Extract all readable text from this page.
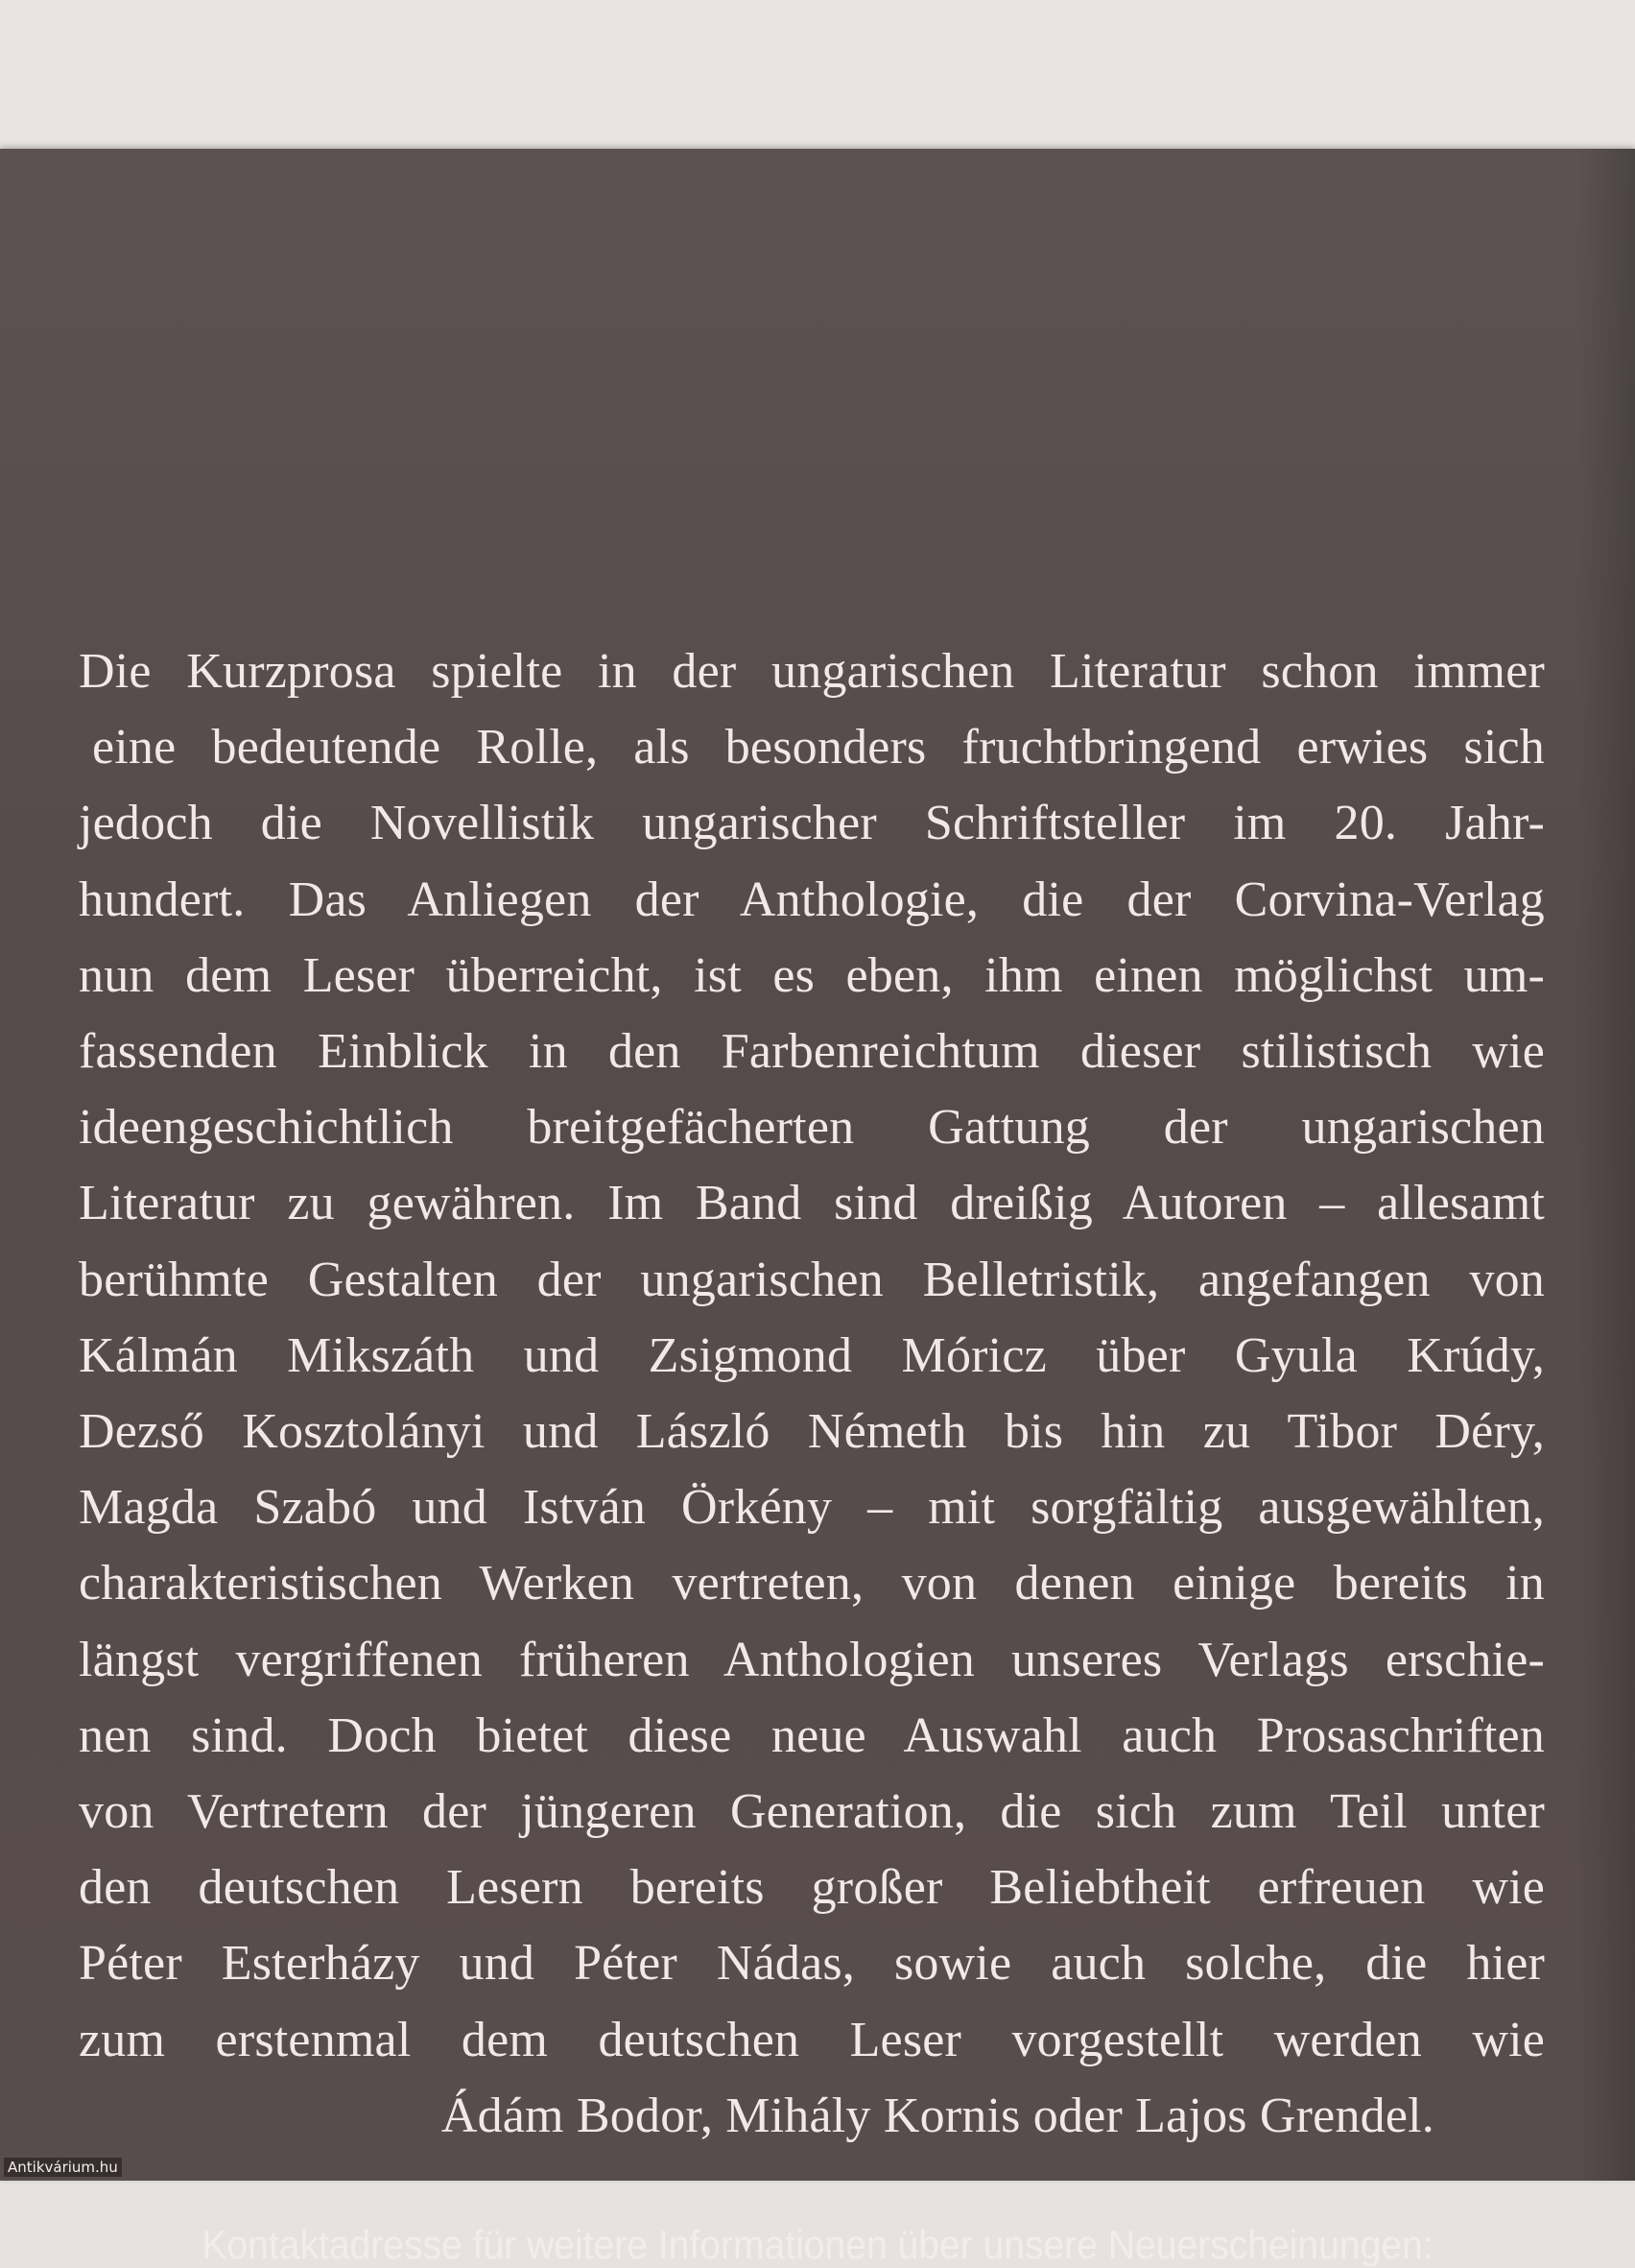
Die Kurzprosa spielte in der ungarischen Literatur schon immer
eine bedeutende Rolle, als besonders fruchtbringend erwies sich
jedoch die Novellistik ungarischer Schriftsteller im 20. Jahr-
hundert. Das Anliegen der Anthologie, die der Corvina-Verlag
nun dem Leser überreicht, ist es eben, ihm einen möglichst um-
fassenden Einblick in den Farbenreichtum dieser stilistisch wie
ideengeschichtlich breitgefächerten Gattung der ungarischen
Literatur zu gewähren. Im Band sind dreißig Autoren – allesamt
berühmte Gestalten der ungarischen Belletristik, angefangen von
Kálmán Mikszáth und Zsigmond Móricz über Gyula Krúdy,
Dezső Kosztolányi und László Németh bis hin zu Tibor Déry,
Magda Szabó und István Örkény – mit sorgfältig ausgewählten,
charakteristischen Werken vertreten, von denen einige bereits in
längst vergriffenen früheren Anthologien unseres Verlags erschie-
nen sind. Doch bietet diese neue Auswahl auch Prosaschriften
von Vertretern der jüngeren Generation, die sich zum Teil unter
den deutschen Lesern bereits großer Beliebtheit erfreuen wie
Péter Esterházy und Péter Nádas, sowie auch solche, die hier
zum erstenmal dem deutschen Leser vorgestellt werden wie
Ádám Bodor, Mihály Kornis oder Lajos Grendel.
Kontaktadresse für weitere Informationen über unsere Neuerscheinungen:
Antikvárium.hu
